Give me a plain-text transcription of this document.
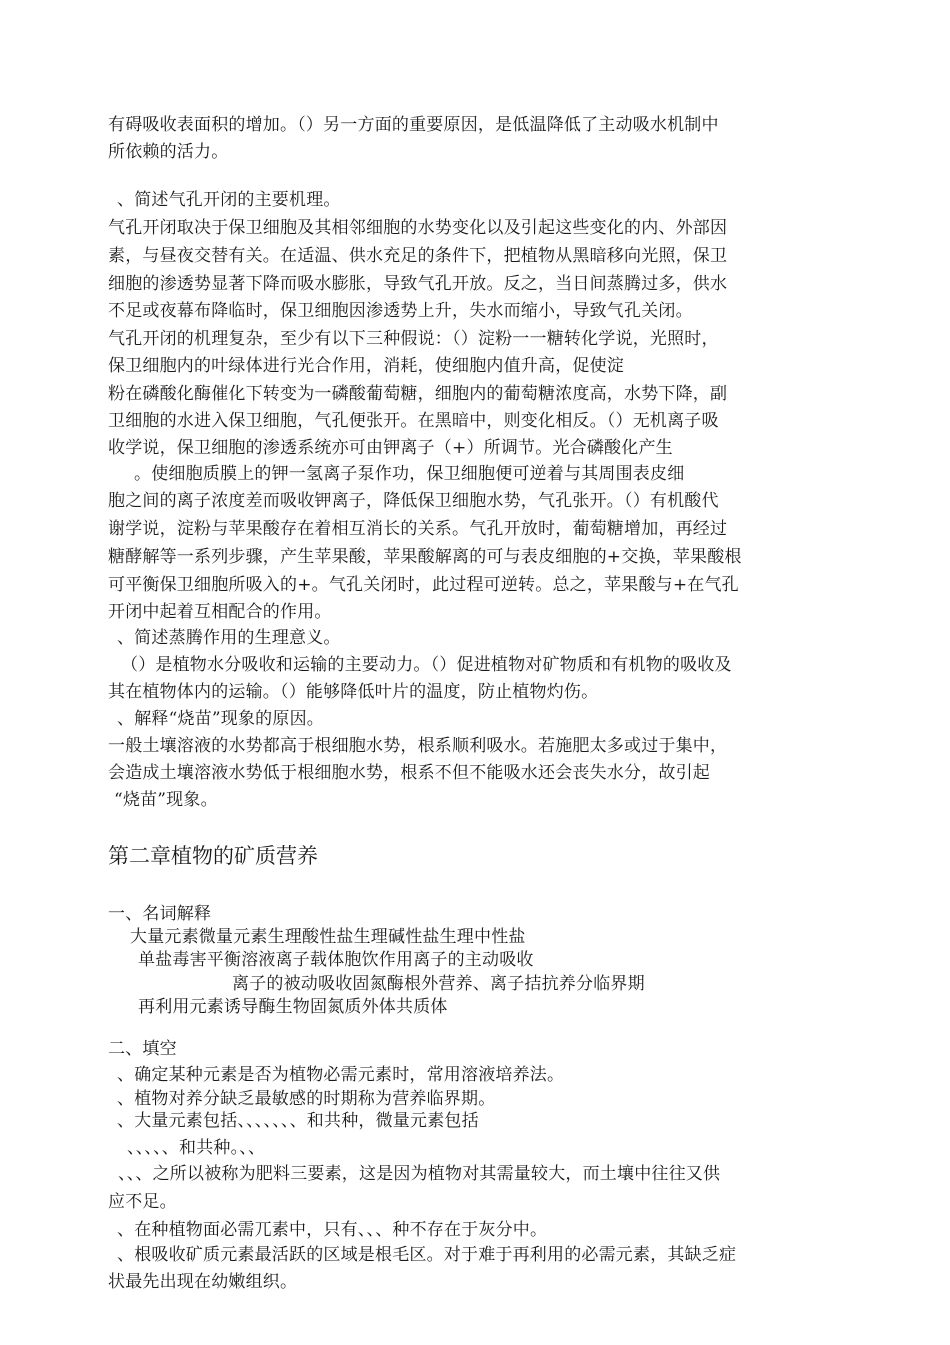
有碍吸收表面积的增加。（）另一方面的重要原因，是低温降低了主动吸水机制中
所依赖的活力。
、简述气孔开闭的主要机理。
气孔开闭取决于保卫细胞及其相邻细胞的水势变化以及引起这些变化的内、外部因
素，与昼夜交替有关。在适温、供水充足的条件下，把植物从黑暗移向光照，保卫
细胞的渗透势显著下降而吸水膨胀，导致气孔开放。反之，当日间蒸腾过多，供水
不足或夜幕布降临时，保卫细胞因渗透势上升，失水而缩小，导致气孔关闭。
气孔开闭的机理复杂，至少有以下三种假说：（）淀粉一一糖转化学说，光照时，
保卫细胞内的叶绿体进行光合作用，消耗，使细胞内值升高，促使淀
粉在磷酸化酶催化下转变为一磷酸葡萄糖，细胞内的葡萄糖浓度高，水势下降，副
卫细胞的水进入保卫细胞，气孔便张开。在黑暗中，则变化相反。（）无机离子吸
收学说，保卫细胞的渗透系统亦可由钾离子（+）所调节。光合磷酸化产生
。使细胞质膜上的钾一氢离子泵作功，保卫细胞便可逆着与其周围表皮细
胞之间的离子浓度差而吸收钾离子，降低保卫细胞水势，气孔张开。（）有机酸代
谢学说，淀粉与苹果酸存在着相互消长的关系。气孔开放时，葡萄糖增加，再经过
糖酵解等一系列步骤，产生苹果酸，苹果酸解离的可与表皮细胞的+交换，苹果酸根
可平衡保卫细胞所吸入的+。气孔关闭时，此过程可逆转。总之，苹果酸与+在气孔
开闭中起着互相配合的作用。
、简述蒸腾作用的生理意义。
（）是植物水分吸收和运输的主要动力。（）促进植物对矿物质和有机物的吸收及
其在植物体内的运输。（）能够降低叶片的温度，防止植物灼伤。
、解释“烧苗”现象的原因。
一般土壤溶液的水势都高于根细胞水势，根系顺利吸水。若施肥太多或过于集中，
会造成土壤溶液水势低于根细胞水势，根系不但不能吸水还会丧失水分，故引起
“烧苗”现象。
第二章植物的矿质营养
一、名词解释
大量元素微量元素生理酸性盐生理碱性盐生理中性盐
单盐毒害平衡溶液离子载体胞饮作用离子的主动吸收
离子的被动吸收固氮酶根外营养、离子拮抗养分临界期
再利用元素诱导酶生物固氮质外体共质体
二、填空
、确定某种元素是否为植物必需元素时，常用溶液培养法。
、植物对养分缺乏最敏感的时期称为营养临界期。
、大量元素包括、、、、、、、和共种，微量元素包括
、、、、、和共种。、、
、、、之所以被称为肥料三要素，这是因为植物对其需量较大，而土壤中往往又供
应不足。
、在种植物面必需兀素中，只有、、、种不存在于灰分中。
、根吸收矿质元素最活跃的区域是根毛区。对于难于再利用的必需元素，其缺乏症
状最先出现在幼嫩组织。
